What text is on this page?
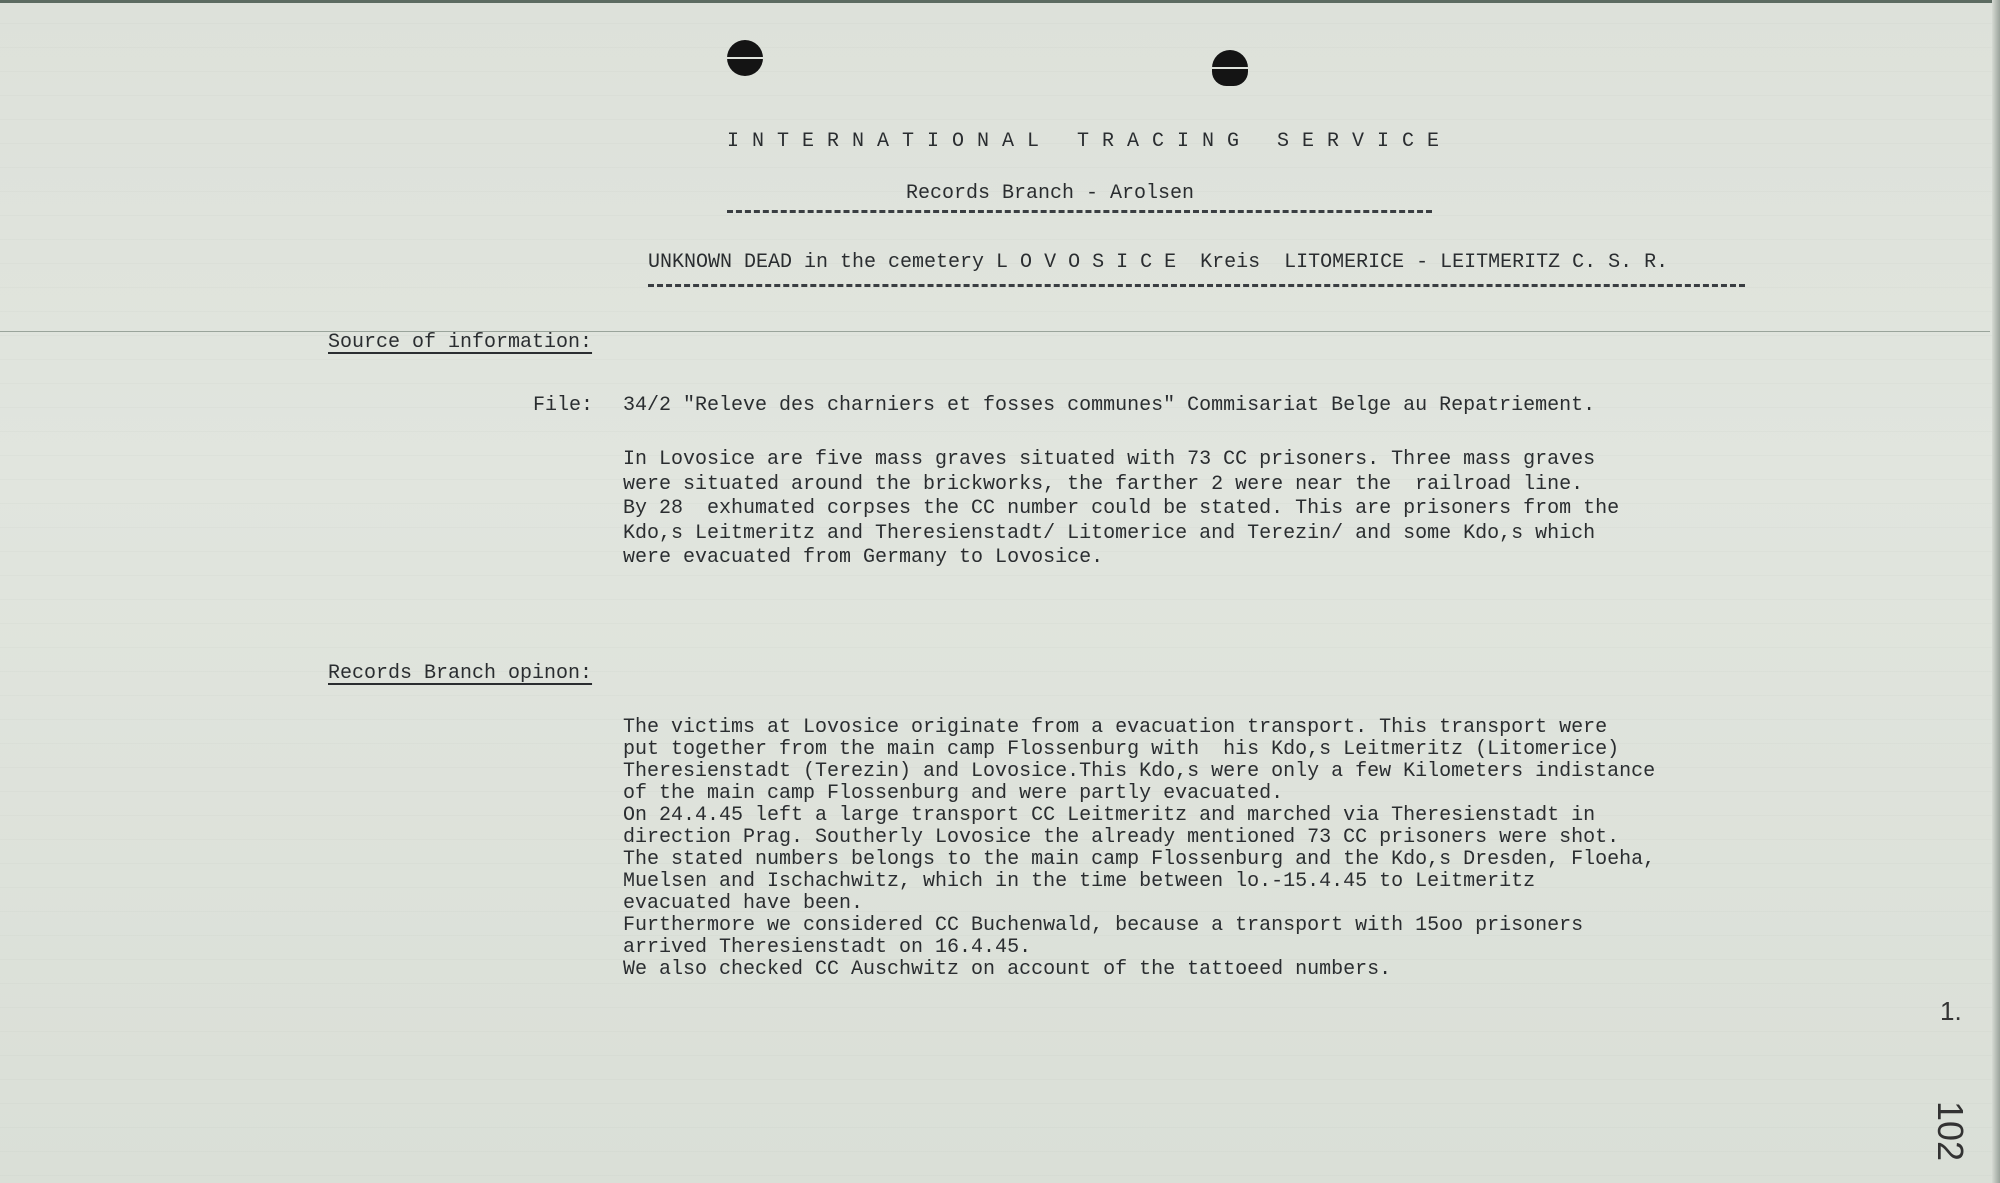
INTERNATIONAL TRACING SERVICE
Records Branch - Arolsen
UNKNOWN DEAD in the cemetery L O V O S I C E  Kreis  LITOMERICE - LEITMERITZ C. S. R.
Source of information:
File: 34/2 "Releve des charniers et fosses communes" Commisariat Belge au Repatriement.
In Lovosice are five mass graves situated with 73 CC prisoners. Three mass graves
were situated around the brickworks, the farther 2 were near the  railroad line.
By 28  exhumated corpses the CC number could be stated. This are prisoners from the
Kdo,s Leitmeritz and Theresienstadt/ Litomerice and Terezin/ and some Kdo,s which
were evacuated from Germany to Lovosice.
Records Branch opinon:
The victims at Lovosice originate from a evacuation transport. This transport were
put together from the main camp Flossenburg with  his Kdo,s Leitmeritz (Litomerice)
Theresienstadt (Terezin) and Lovosice.This Kdo,s were only a few Kilometers indistance
of the main camp Flossenburg and were partly evacuated.
On 24.4.45 left a large transport CC Leitmeritz and marched via Theresienstadt in
direction Prag. Southerly Lovosice the already mentioned 73 CC prisoners were shot.
The stated numbers belongs to the main camp Flossenburg and the Kdo,s Dresden, Floeha,
Muelsen and Ischachwitz, which in the time between lo.-15.4.45 to Leitmeritz
evacuated have been.
Furthermore we considered CC Buchenwald, because a transport with 15oo prisoners
arrived Theresienstadt on 16.4.45.
We also checked CC Auschwitz on account of the tattoeed numbers.
1.
102
